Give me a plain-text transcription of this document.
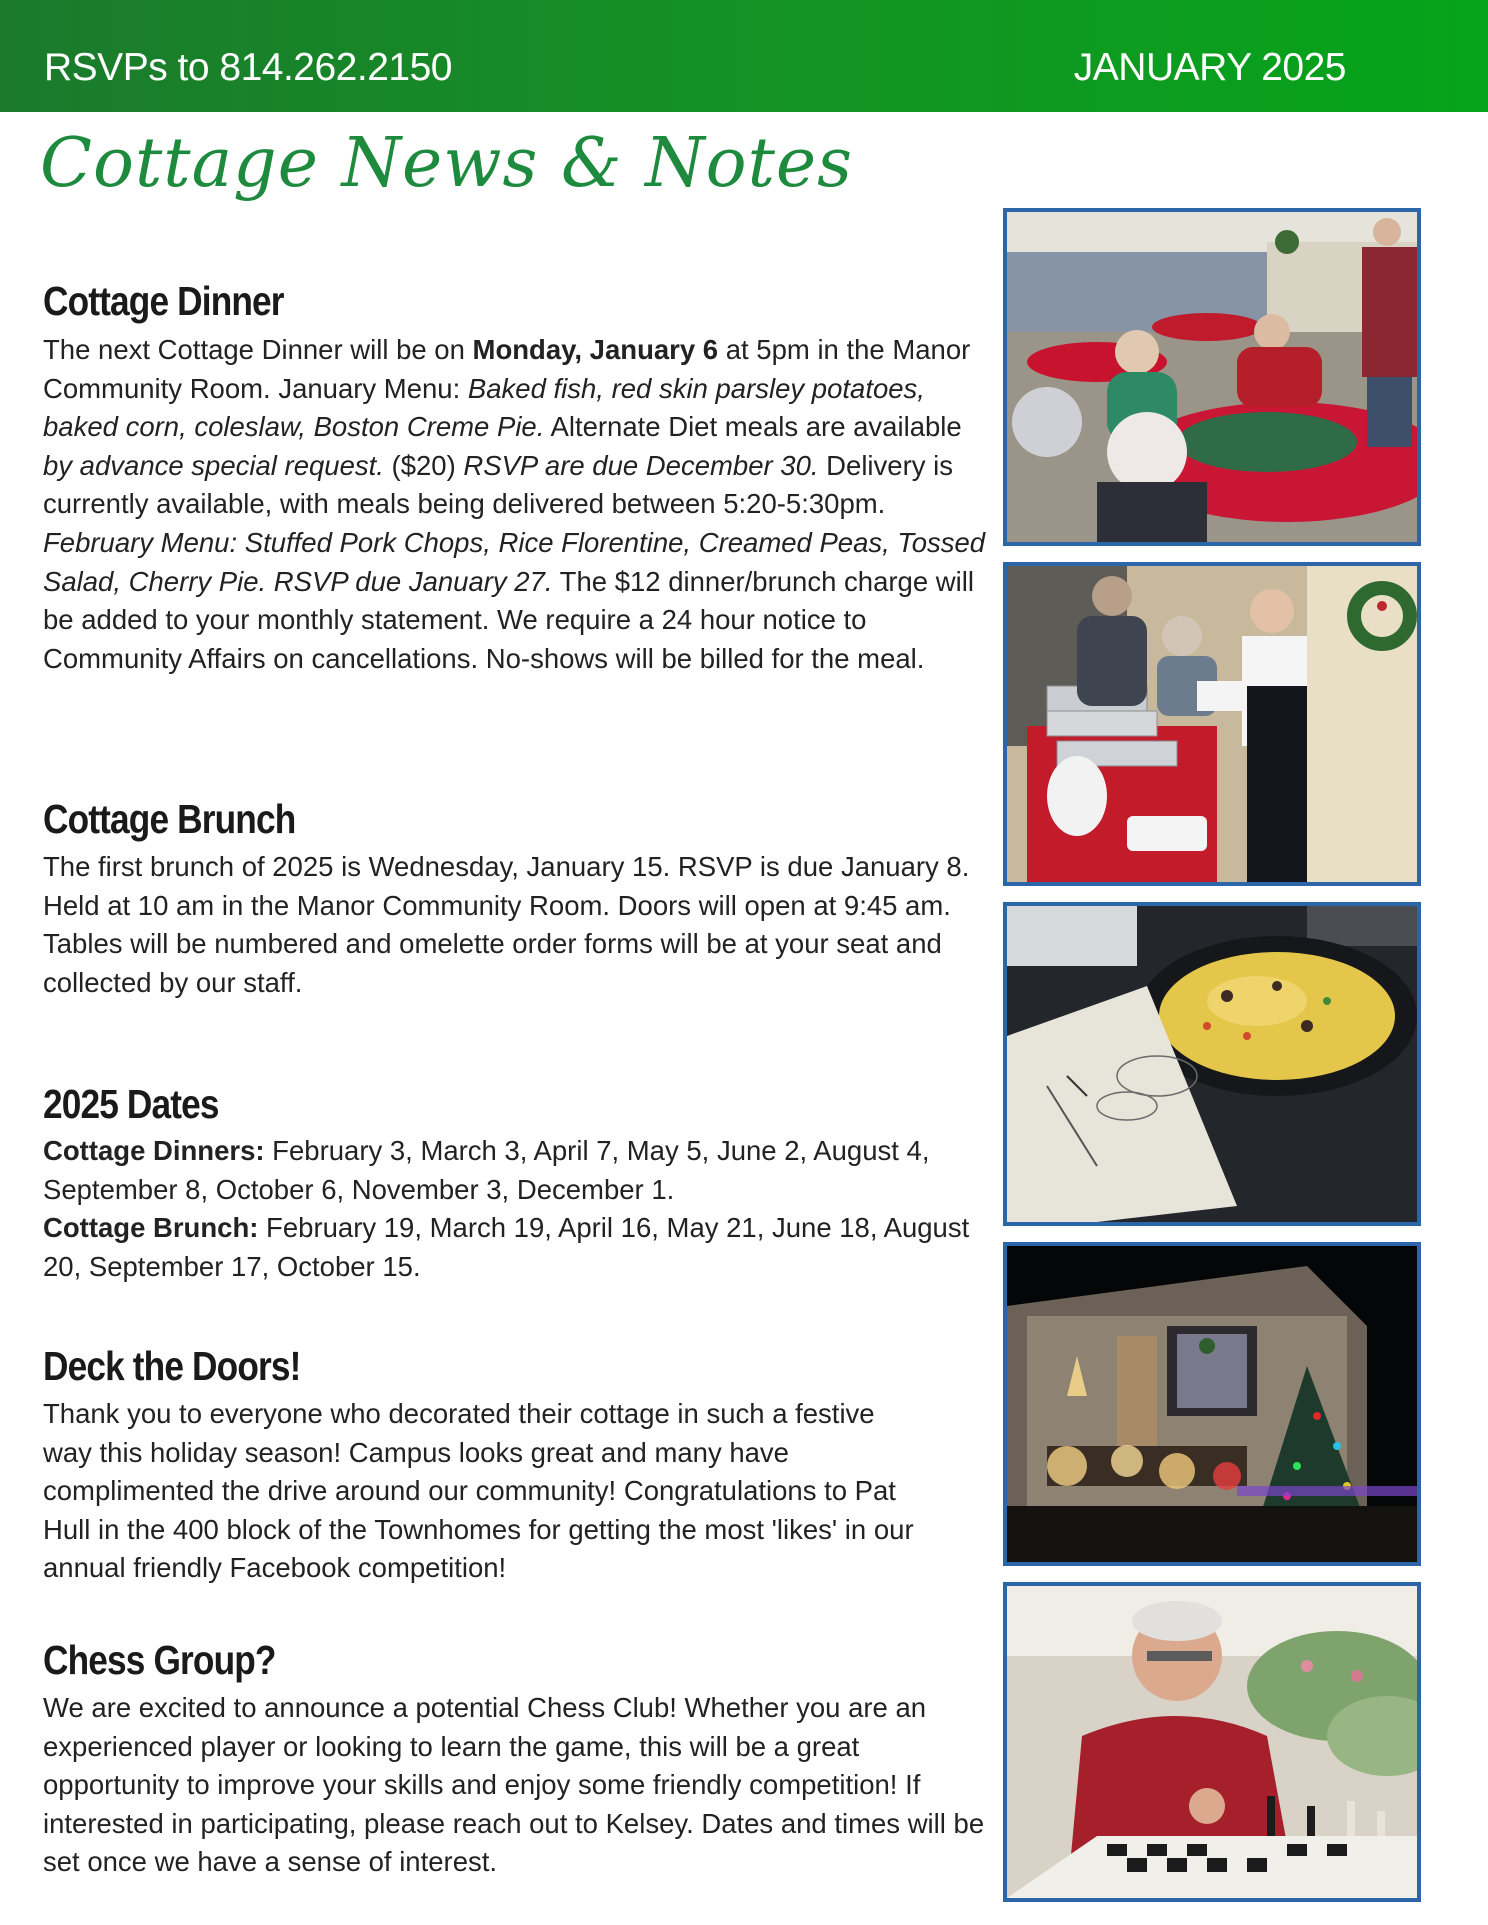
RSVPs to 814.262.2150	JANUARY 2025
Cottage News & Notes
Cottage Dinner

The next Cottage Dinner will be on Monday, January 6 at 5pm in the Manor Community Room. January Menu: Baked fish, red skin parsley potatoes, baked corn, coleslaw, Boston Creme Pie. Alternate Diet meals are available by advance special request. ($20) RSVP are due December 30. Delivery is currently available, with meals being delivered between 5:20-5:30pm.
February Menu: Stuffed Pork Chops, Rice Florentine, Creamed Peas, Tossed Salad, Cherry Pie. RSVP due January 27. The $12 dinner/brunch charge will be added to your monthly statement. We require a 24 hour notice to Community Affairs on cancellations. No-shows will be billed for the meal.

Cottage Brunch

The first brunch of 2025 is Wednesday, January 15. RSVP is due January 8. Held at 10 am in the Manor Community Room. Doors will open at 9:45 am. Tables will be numbered and omelette order forms will be at your seat and collected by our staff.

2025 Dates

Cottage Dinners: February 3, March 3, April 7, May 5, June 2, August 4, September 8, October 6, November 3, December 1.
Cottage Brunch: February 19, March 19, April 16, May 21, June 18, August 20, September 17, October 15.

Deck the Doors!

Thank you to everyone who decorated their cottage in such a festive way this holiday season! Campus looks great and many have complimented the drive around our community! Congratulations to Pat Hull in the 400 block of the Townhomes for getting the most 'likes' in our annual friendly Facebook competition!

Chess Group?

We are excited to announce a potential Chess Club! Whether you are an experienced player or looking to learn the game, this will be a great opportunity to improve your skills and enjoy some friendly competition! If interested in participating, please reach out to Kelsey. Dates and times will be set once we have a sense of interest.
